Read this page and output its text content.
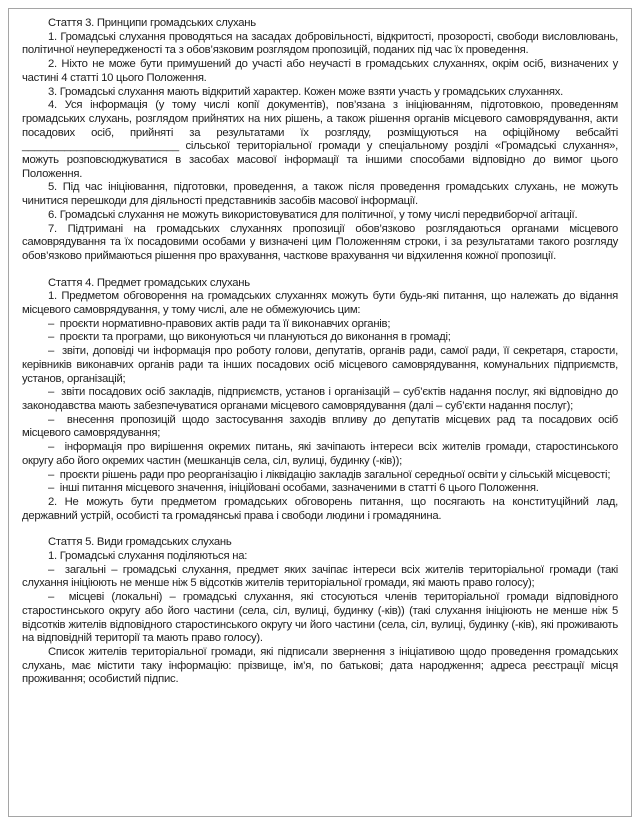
Стаття 3. Принципи громадських слухань

1. Громадські слухання проводяться на засадах добровільності, відкритості, прозорості, свободи висловлювань, політичної неупередженості та з обов’язковим розглядом пропозицій, поданих під час їх проведення.

2. Ніхто не може бути примушений до участі або неучасті в громадських слуханнях, окрім осіб, визначених у частині 4 статті 10 цього Положення.

3. Громадські слухання мають відкритий характер. Кожен може взяти участь у громадських слуханнях.

4. Уся інформація (у тому числі копії документів), пов’язана з ініціюванням, підготовкою, проведенням громадських слухань, розглядом прийнятих на них рішень, а також рішення органів місцевого самоврядування, акти посадових осіб, прийняті за результатами їх розгляду, розміщуються на офіційному вебсайті __________________________ сільської територіальної громади у спеціальному розділі «Громадські слухання», можуть розповсюджуватися в засобах масової інформації та іншими способами відповідно до вимог цього Положення.

5. Під час ініціювання, підготовки, проведення, а також після проведення громадських слухань, не можуть чинитися перешкоди для діяльності представників засобів масової інформації.

6. Громадські слухання не можуть використовуватися для політичної, у тому числі передвиборчої агітації.

7. Підтримані на громадських слуханнях пропозиції обов’язково розглядаються органами місцевого самоврядування та їх посадовими особами у визначені цим Положенням строки, і за результатами такого розгляду обов’язково приймаються рішення про врахування, часткове врахування чи відхилення кожної пропозиції.

Стаття 4. Предмет громадських слухань

1. Предметом обговорення на громадських слуханнях можуть бути будь-які питання, що належать до відання місцевого самоврядування, у тому числі, але не обмежуючись цим:

–  проєкти нормативно-правових актів ради та її виконавчих органів;

–  проєкти та програми, що виконуються чи плануються до виконання в громаді;

–  звіти, доповіді чи інформація про роботу голови, депутатів, органів ради, самої ради, її секретаря, старости, керівників виконавчих органів ради та інших посадових осіб місцевого самоврядування, комунальних підприємств, установ, організацій;

–  звіти посадових осіб закладів, підприємств, установ і організацій – суб’єктів надання послуг, які відповідно до законодавства мають забезпечуватися органами місцевого самоврядування (далі – суб’єкти надання послуг);

–  внесення пропозицій щодо застосування заходів впливу до депутатів місцевих рад та посадових осіб місцевого самоврядування;

–  інформація про вирішення окремих питань, які зачіпають інтереси всіх жителів громади, старостинського округу або його окремих частин (мешканців села, сіл, вулиці, будинку (-ків));

–  проєкти рішень ради про реорганізацію і ліквідацію закладів загальної середньої освіти у сільській місцевості;

–  інші питання місцевого значення, ініційовані особами, зазначеними в статті 6 цього Положення.

2. Не можуть бути предметом громадських обговорень питання, що посягають на конституційний лад, державний устрій, особисті та громадянські права і свободи людини і громадянина.

Стаття 5. Види громадських слухань

1. Громадські слухання поділяються на:

–  загальні – громадські слухання, предмет яких зачіпає інтереси всіх жителів територіальної громади (такі слухання ініціюють не менше ніж 5 відсотків жителів територіальної громади, які мають право голосу);

–  місцеві (локальні) – громадські слухання, які стосуються членів територіальної громади відповідного старостинського округу або його частини (села, сіл, вулиці, будинку (-ків)) (такі слухання ініціюють не менше ніж 5 відсотків жителів відповідного старостинського округу чи його частини (села, сіл, вулиці, будинку (-ків), які проживають на відповідній території та мають право голосу).

Список жителів територіальної громади, які підписали звернення з ініціативою щодо проведення громадських слухань, має містити таку інформацію: прізвище, ім’я, по батькові; дата народження; адреса реєстрації місця проживання; особистий підпис.
